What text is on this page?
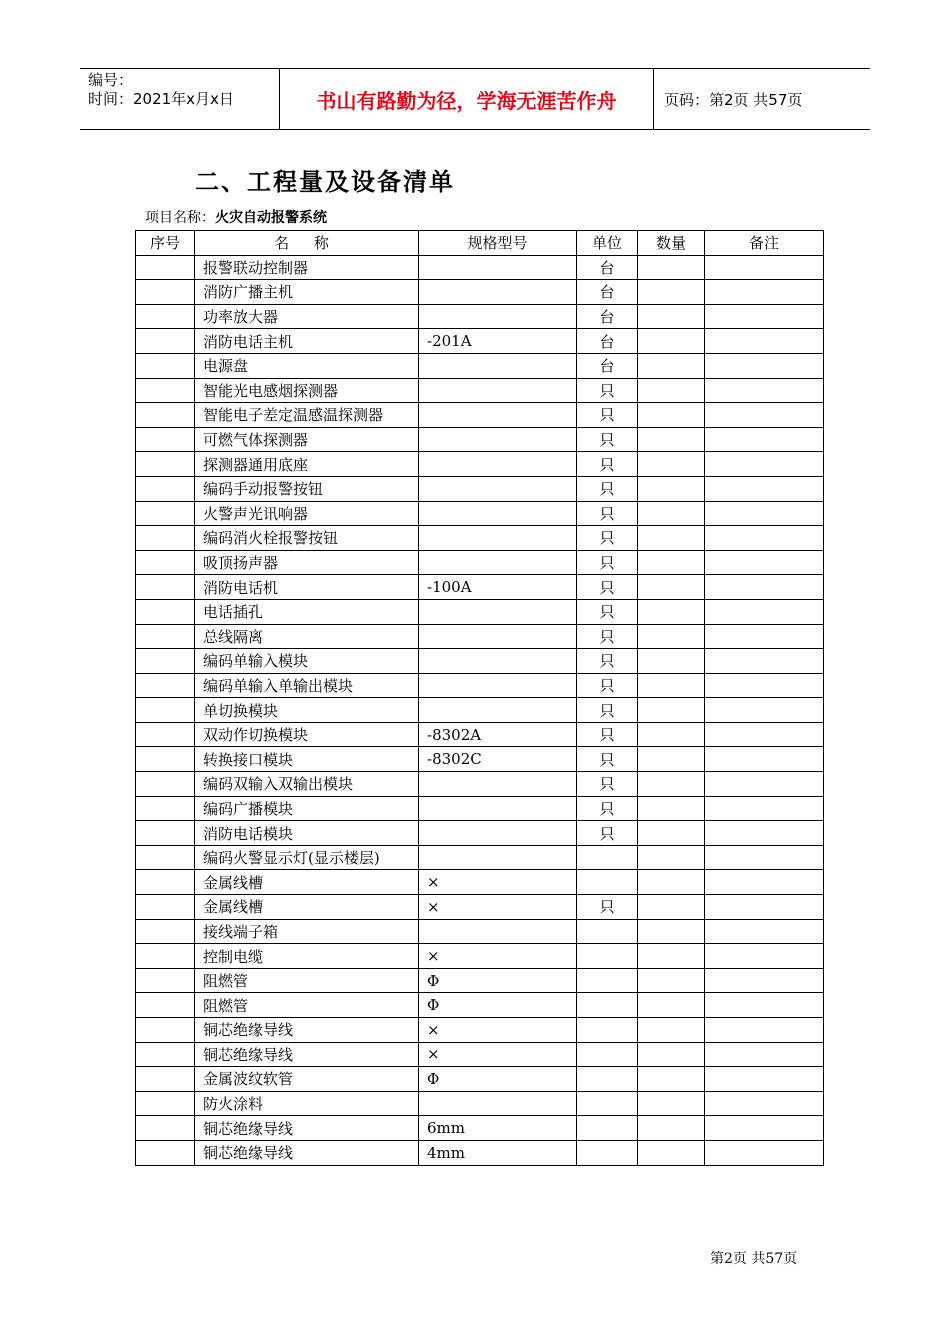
编号：
时间：2021年x月x日	书山有路勤为径，学海无涯苦作舟	页码：第2页 共57页
二、工程量及设备清单
项目名称：火灾自动报警系统
序号	名 称	规格型号	单位	数量	备注
	报警联动控制器		台		
	消防广播主机		台		
	功率放大器		台		
	消防电话主机	-201A	台		
	电源盘		台		
	智能光电感烟探测器		只		
	智能电子差定温感温探测器		只		
	可燃气体探测器		只		
	探测器通用底座		只		
	编码手动报警按钮		只		
	火警声光讯响器		只		
	编码消火栓报警按钮		只		
	吸顶扬声器		只		
	消防电话机	-100A	只		
	电话插孔		只		
	总线隔离		只		
	编码单输入模块		只		
	编码单输入单输出模块		只		
	单切换模块		只		
	双动作切换模块	-8302A	只		
	转换接口模块	-8302C	只		
	编码双输入双输出模块		只		
	编码广播模块		只		
	消防电话模块		只		
	编码火警显示灯(显示楼层)				
	金属线槽	×			
	金属线槽	×	只		
	接线端子箱				
	控制电缆	×			
	阻燃管	Φ			
	阻燃管	Φ			
	铜芯绝缘导线	×			
	铜芯绝缘导线	×			
	金属波纹软管	Φ			
	防火涂料				
	铜芯绝缘导线	6mm			
	铜芯绝缘导线	4mm			
第2页 共57页
